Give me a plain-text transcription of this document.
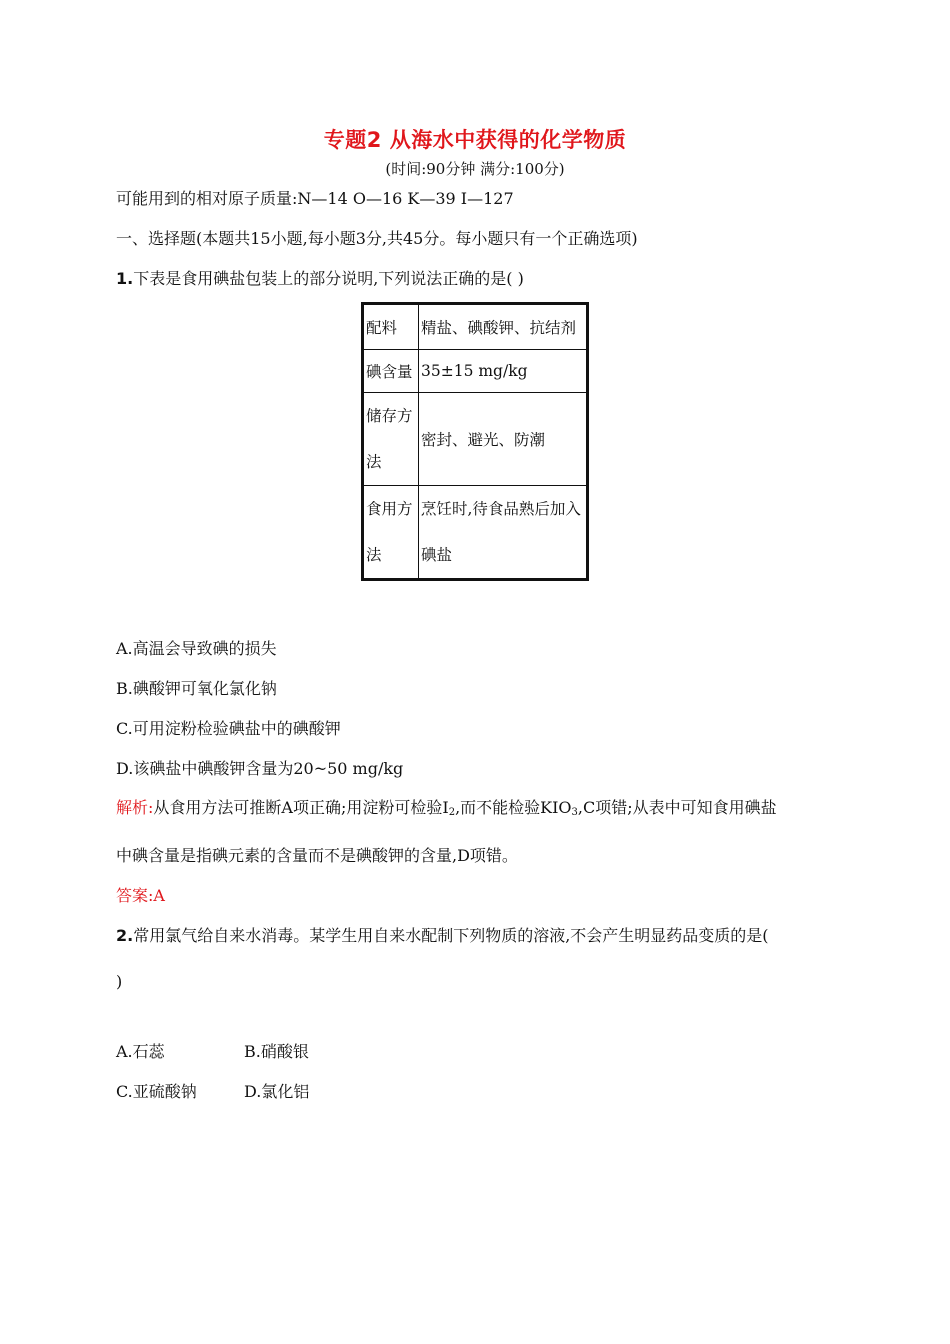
专题2 从海水中获得的化学物质
(时间:90分钟 满分:100分)
可能用到的相对原子质量:N—14 O—16 K—39 I—127
一、选择题(本题共15小题,每小题3分,共45分。每小题只有一个正确选项)
1.下表是食用碘盐包装上的部分说明,下列说法正确的是( )
配料	精盐、碘酸钾、抗结剂
碘含量	35±15 mg/kg
储存方法	密封、避光、防潮
食用方法	烹饪时,待食品熟后加入碘盐
A.高温会导致碘的损失
B.碘酸钾可氧化氯化钠
C.可用淀粉检验碘盐中的碘酸钾
D.该碘盐中碘酸钾含量为20~50 mg/kg
解析:从食用方法可推断A项正确;用淀粉可检验$I_2$,而不能检验$KIO_3,C$项错;从表中可知食用碘盐
中碘含量是指碘元素的含量而不是碘酸钾的含量,D项错。
答案:A
2.常用氯气给自来水消毒。某学生用自来水配制下列物质的溶液,不会产生明显药品变质的是(
)
A.石蕊	B.硝酸银
C.亚硫酸钠	D.氯化铝
